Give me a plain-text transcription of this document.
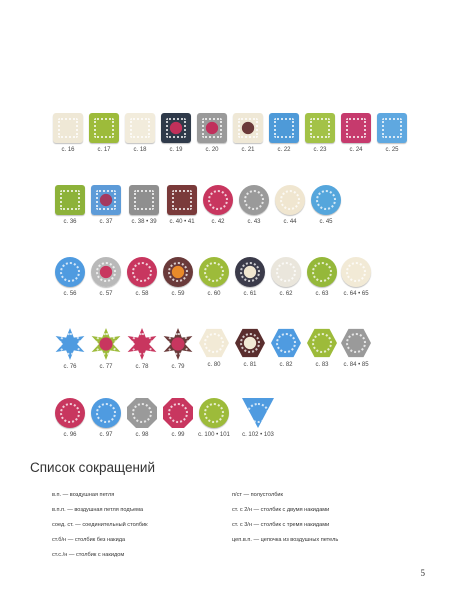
с. 16	с. 17	с. 18	с. 19	с. 20	с. 21	с. 22	с. 23	с. 24	с. 25
с. 36	с. 37	с. 38 • 39	с. 40 • 41	с. 42	с. 43	с. 44	с. 45
с. 56	с. 57	с. 58	с. 59	с. 60	с. 61	с. 62	с. 63	с. 64 • 65
с. 76	с. 77	с. 78	с. 79	с. 80	с. 81	с. 82	с. 83	с. 84 • 85
с. 96	с. 97	с. 98	с. 99	с. 100 • 101	с. 102 • 103
Список сокращений
в.п. — воздушная петля
в.п.п. — воздушная петля подъема
соед. ст. — соединительный столбик
ст.б/н — столбик без накида
ст.с./н — столбик с накидом
п/ст — полустолбик
ст. с 2/н — столбик с двумя накидами
ст. с 3/н — столбик с тремя накидами
цеп.в.п. — цепочка из воздушных петель
5
